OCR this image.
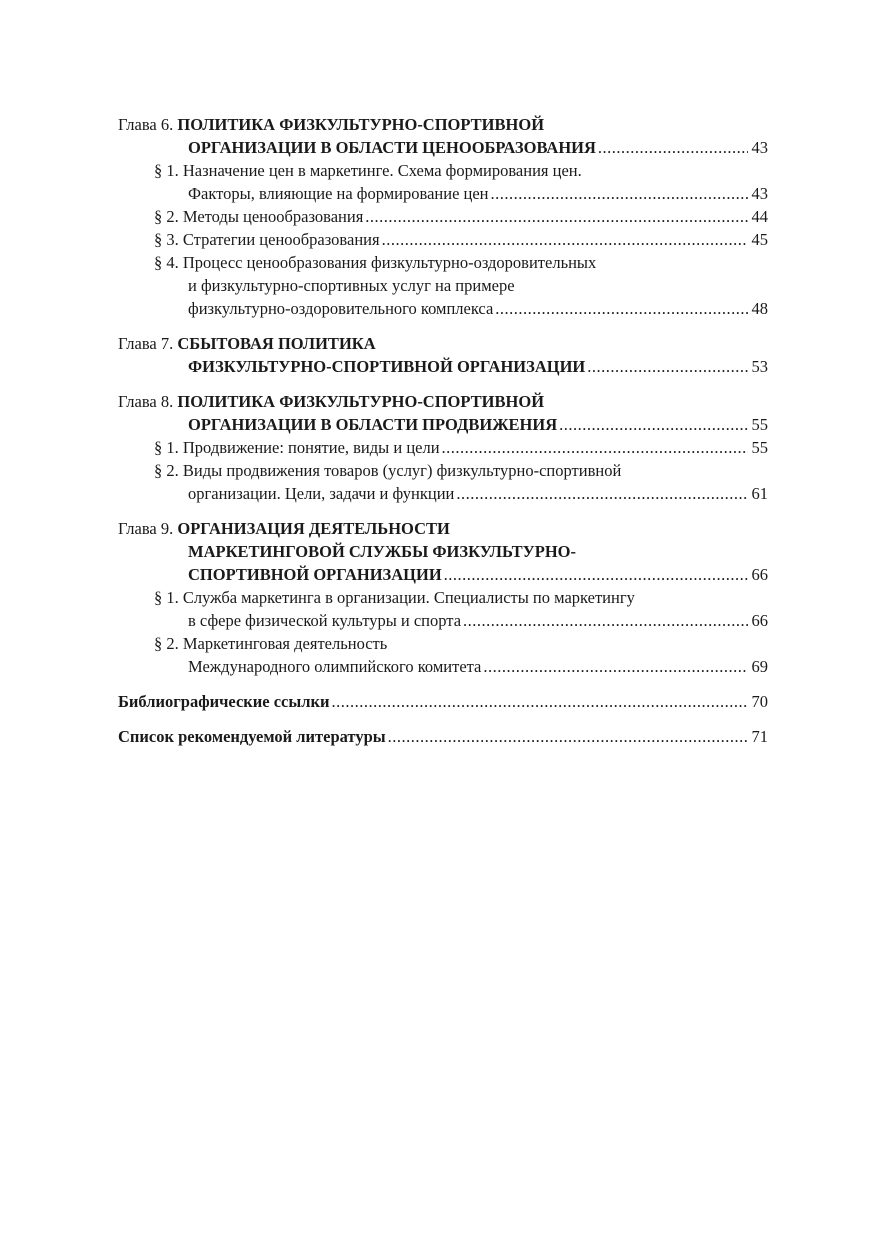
Глава 6. ПОЛИТИКА ФИЗКУЛЬТУРНО-СПОРТИВНОЙ
ОРГАНИЗАЦИИ В ОБЛАСТИ ЦЕНООБРАЗОВАНИЯ .....	43
§ 1. Назначение цен в маркетинге. Схема формирования цен.
Факторы, влияющие на формирование цен .....	43
§ 2. Методы ценообразования .....	44
§ 3. Стратегии ценообразования .....	45
§ 4. Процесс ценообразования физкультурно-оздоровительных
и физкультурно-спортивных услуг на примере
физкультурно-оздоровительного комплекса .....	48
Глава 7. СБЫТОВАЯ ПОЛИТИКА
ФИЗКУЛЬТУРНО-СПОРТИВНОЙ ОРГАНИЗАЦИИ .....	53
Глава 8. ПОЛИТИКА ФИЗКУЛЬТУРНО-СПОРТИВНОЙ
ОРГАНИЗАЦИИ В ОБЛАСТИ ПРОДВИЖЕНИЯ .....	55
§ 1. Продвижение: понятие, виды и цели .....	55
§ 2. Виды продвижения товаров (услуг) физкультурно-спортивной
организации. Цели, задачи и функции .....	61
Глава 9. ОРГАНИЗАЦИЯ ДЕЯТЕЛЬНОСТИ
МАРКЕТИНГОВОЙ СЛУЖБЫ ФИЗКУЛЬТУРНО-
СПОРТИВНОЙ ОРГАНИЗАЦИИ .....	66
§ 1. Служба маркетинга в организации. Специалисты по маркетингу
в сфере физической культуры и спорта .....	66
§ 2. Маркетинговая деятельность
Международного олимпийского комитета .....	69
Библиографические ссылки .....	70
Список рекомендуемой литературы .....	71
